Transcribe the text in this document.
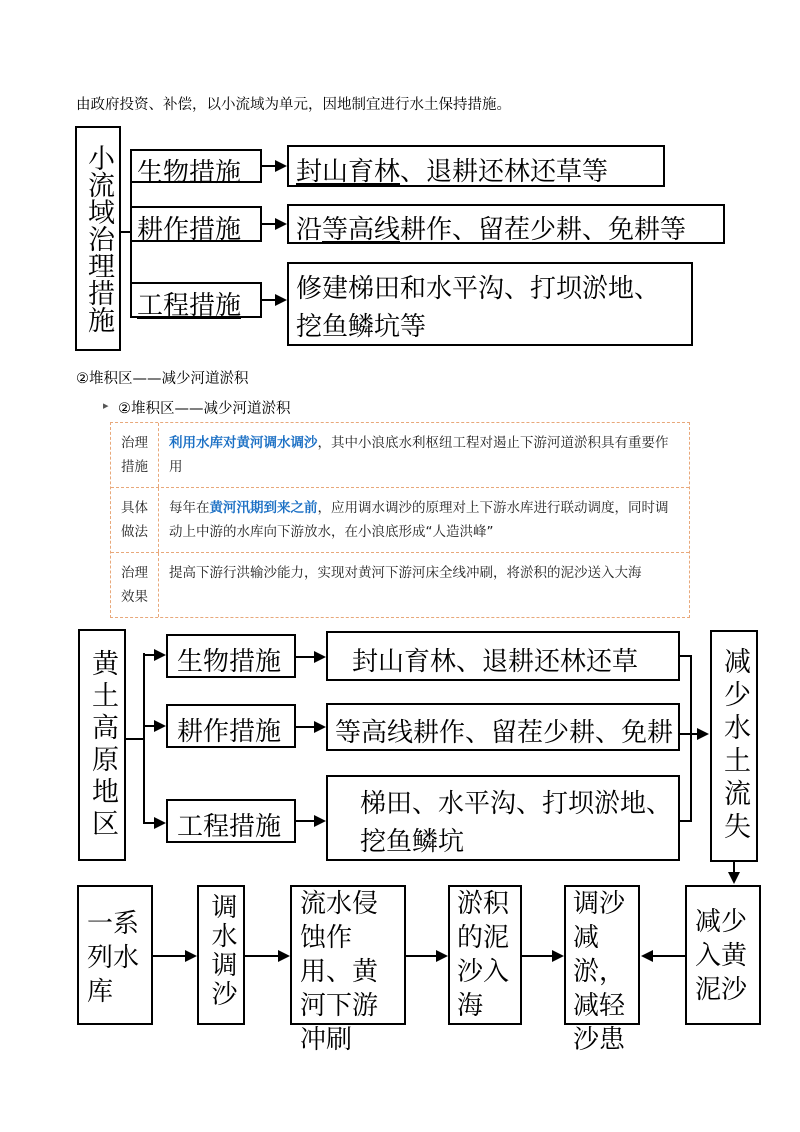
由政府投资、补偿，以小流域为单元，因地制宜进行水土保持措施。
小流域治理措施 生物措施 封山育林、退耕还林还草等
耕作措施 沿等高线耕作、留茬少耕、免耕等
工程措施
修建梯田和水平沟、打坝淤地、
挖鱼鳞坑等
②堆积区——减少河道淤积
▸ ②堆积区——减少河道淤积
治理措施
利用水库对黄河调水调沙，其中小浪底水利枢纽工程对遏止下游河道淤积具有重要作用
具体做法
每年在黄河汛期到来之前，应用调水调沙的原理对上下游水库进行联动调度，同时调动上中游的水库向下游放水，在小浪底形成“人造洪峰”
治理效果
提高下游行洪输沙能力，实现对黄河下游河床全线冲刷，将淤积的泥沙送入大海
黄土高原地区 生物措施
耕作措施
工程措施
封山育林、退耕还林还草
等高线耕作、留茬少耕、免耕
梯田、水平沟、打坝淤地、
挖鱼鳞坑	减少水土流失
一系列水库	调水调沙 流水侵蚀作用、黄河下游冲刷
淤积的泥沙入海
调沙减淤，减轻沙患
减少入黄泥沙
